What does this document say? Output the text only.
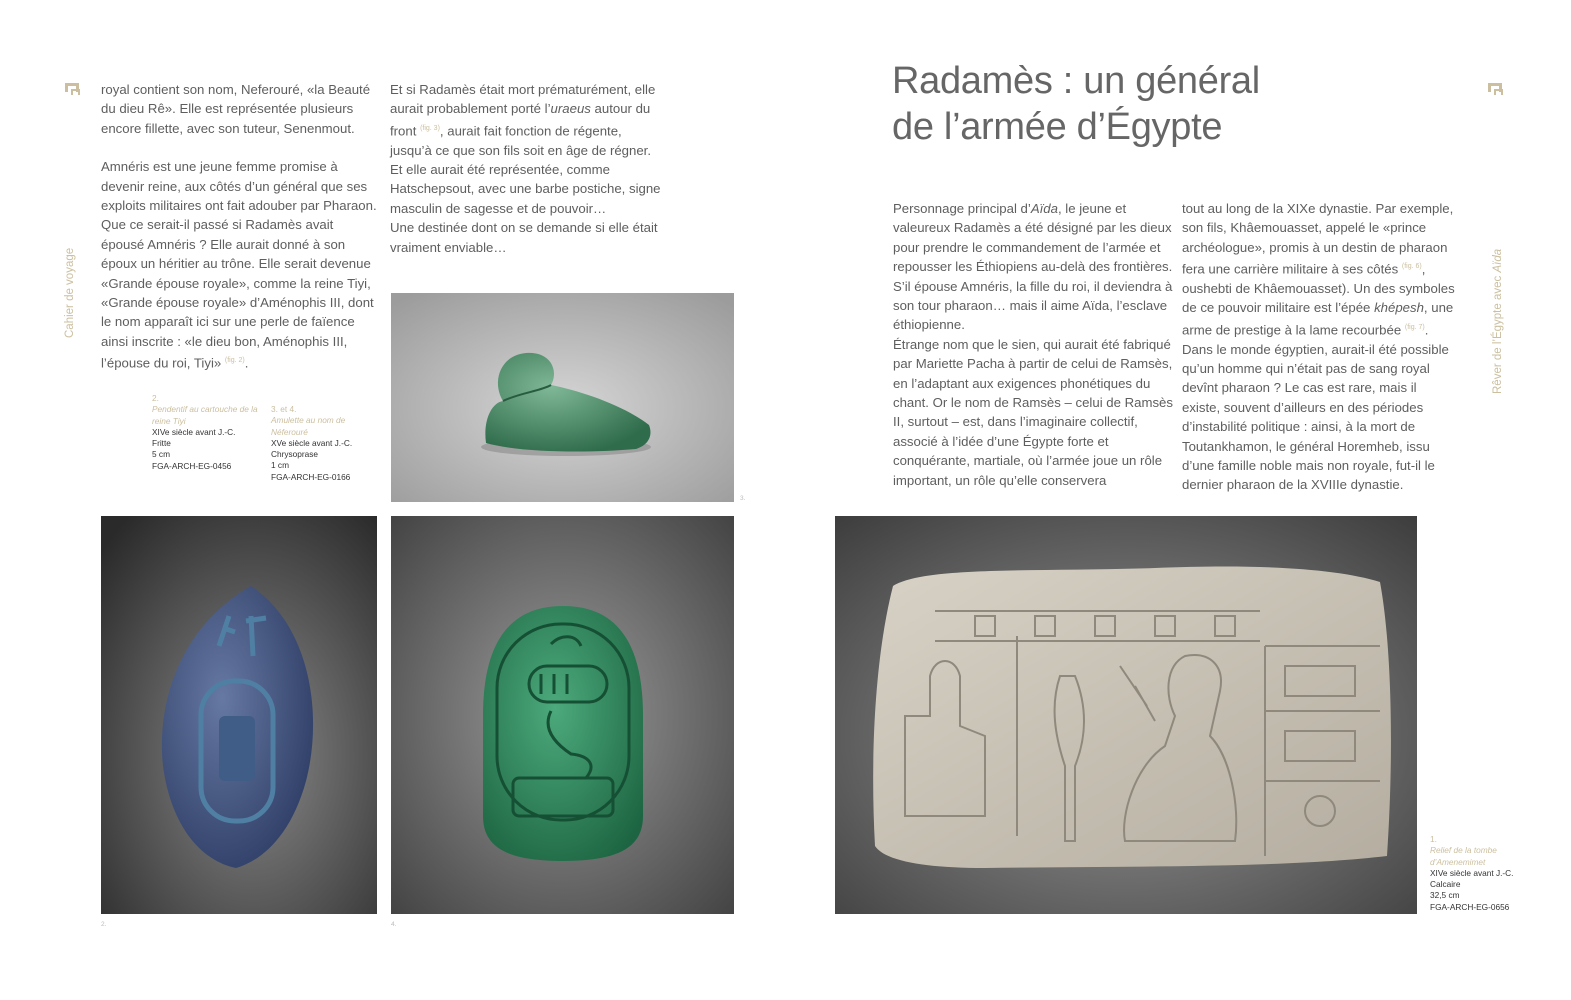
Cahier de voyage

royal contient son nom, Neferouré, «la Beauté du dieu Rê». Elle est représentée plusieurs encore fillette, avec son tuteur, Senenmout.

Amnéris est une jeune femme promise à devenir reine, aux côtés d’un général que ses exploits militaires ont fait adouber par Pharaon. Que ce serait-il passé si Radamès avait épousé Amnéris ? Elle aurait donné à son époux un héritier au trône. Elle serait devenue «Grande épouse royale», comme la reine Tiyi, «Grande épouse royale» d’Aménophis III, dont le nom apparaît ici sur une perle de faïence ainsi inscrite : «le dieu bon, Aménophis III, l’épouse du roi, Tiyi» $^{(fig. 2)}$.

Et si Radamès était mort prématurément, elle aurait probablement porté l’uraeus autour du front $^{(fig. 3)}$, aurait fait fonction de régente, jusqu’à ce que son fils soit en âge de régner. Et elle aurait été représentée, comme Hatschepsout, avec une barbe postiche, signe masculin de sagesse et de pouvoir…

Une destinée dont on se demande si elle était vraiment enviable…

2.
Pendentif au cartouche de la reine Tiyi
XIVe siècle avant J.-C.
Fritte
5 cm
FGA-ARCH-EG-0456
3. et 4.
Amulette au nom de Néferouré
XVe siècle avant J.-C.
Chrysoprase
1 cm
FGA-ARCH-EG-0166
3.
2.	4.
Rêver de l’Égypte avec Aïda
Radamès : un général
de l’armée d’Égypte

Personnage principal d’Aïda, le jeune et valeureux Radamès a été désigné par les dieux pour prendre le commandement de l’armée et repousser les Éthiopiens au-delà des frontières. S’il épouse Amnéris, la fille du roi, il deviendra à son tour pharaon… mais il aime Aïda, l’esclave éthiopienne.

Étrange nom que le sien, qui aurait été fabriqué par Mariette Pacha à partir de celui de Ramsès, en l’adaptant aux exigences phonétiques du chant. Or le nom de Ramsès – celui de Ramsès II, surtout – est, dans l’imaginaire collectif, associé à l’idée d’une Égypte forte et conquérante, martiale, où l’armée joue un rôle important, un rôle qu’elle conservera

tout au long de la XIXe dynastie. Par exemple, son fils, Khâemouasset, appelé le «prince archéologue», promis à un destin de pharaon fera une carrière militaire à ses côtés $^{(fig. 6)}$, oushebti de Khâemouasset). Un des symboles de ce pouvoir militaire est l’épée khépesh, une arme de prestige à la lame recourbée $^{(fig. 7)}$.

Dans le monde égyptien, aurait-il été possible qu’un homme qui n’était pas de sang royal devînt pharaon ? Le cas est rare, mais il existe, souvent d’ailleurs en des périodes d’instabilité politique : ainsi, à la mort de Toutankhamon, le général Horemheb, issu d’une famille noble mais non royale, fut-il le dernier pharaon de la XVIIIe dynastie.

1.
Relief de la tombe d’Amenemimet
XIVe siècle avant J.-C.
Calcaire
32,5 cm
FGA-ARCH-EG-0656
